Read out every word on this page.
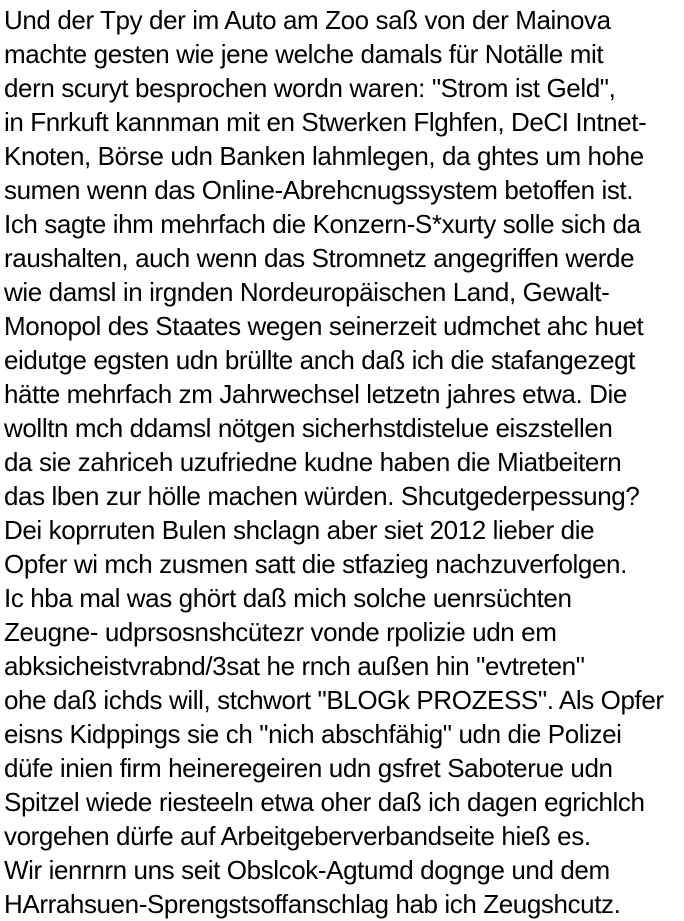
Und der Tpy der im Auto am Zoo saß von der Mainova
machte gesten wie jene welche damals für Notälle mit
dern scuryt besprochen wordn waren: "Strom ist Geld",
in Fnrkuft kannman mit en Stwerken Flghfen, DeCI Intnet-
Knoten, Börse udn Banken lahmlegen, da ghtes um hohe
sumen wenn das Online-Abrehcnugssystem betoffen ist.
Ich sagte ihm mehrfach die Konzern-S*xurty solle sich da
raushalten, auch wenn das Stromnetz angegriffen werde
wie damsl in irgnden Nordeuropäischen Land, Gewalt-
Monopol des Staates wegen seinerzeit udmchet ahc huet
eidutge egsten udn brüllte anch daß ich die stafangezegt
hätte mehrfach zm Jahrwechsel letzetn jahres etwa. Die
wolltn mch ddamsl nötgen sicherhstdistelue eiszstellen
da sie zahriceh uzufriedne kudne haben die Miatbeitern
das lben zur hölle machen würden. Shcutgederpessung?
Dei koprruten Bulen shclagn aber siet 2012 lieber die
Opfer wi mch zusmen satt die stfazieg nachzuverfolgen.
Ic hba mal was ghört daß mich solche uenrsüchten
Zeugne- udprsosnshcütezr vonde rpolizie udn em
abksicheistvrabnd/3sat he rnch außen hin "evtreten"
ohe daß ichds will, stchwort "BLOGk PROZESS". Als Opfer
eisns Kidppings sie ch "nich abschfähig" udn die Polizei
düfe inien firm heineregeiren udn gsfret Saboterue udn
Spitzel wiede riesteeln etwa oher daß ich dagen egrichlch
vorgehen dürfe auf Arbeitgeberverbandseite hieß es.
Wir ienrnrn uns seit Obslcok-Agtumd dognge und dem
HArrahsuen-Sprengstsoffanschlag hab ich Zeugshcutz.
